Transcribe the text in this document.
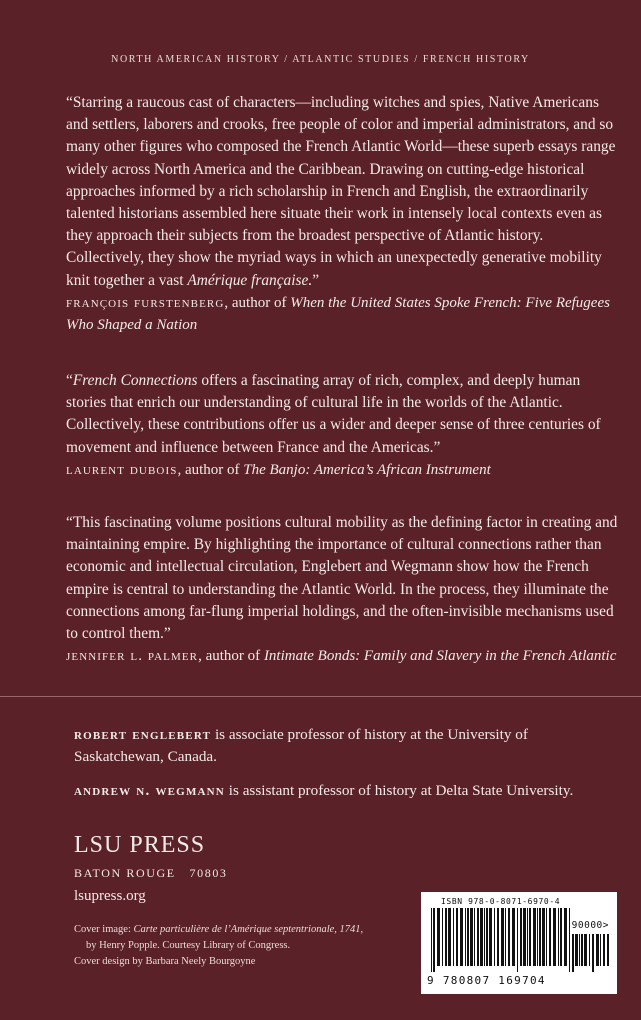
NORTH AMERICAN HISTORY / ATLANTIC STUDIES / FRENCH HISTORY

“Starring a raucous cast of characters—including witches and spies, Native Americans and settlers, laborers and crooks, free people of color and imperial administrators, and so many other figures who composed the French Atlantic World—these superb essays range widely across North America and the Caribbean. Drawing on cutting-edge historical approaches informed by a rich scholarship in French and English, the extraordinarily talented historians assembled here situate their work in intensely local contexts even as they approach their subjects from the broadest perspective of Atlantic history. Collectively, they show the myriad ways in which an unexpectedly generative mobility knit together a vast Amérique française.”

françois furstenberg, author of When the United States Spoke French: Five Refugees Who Shaped a Nation

“French Connections offers a fascinating array of rich, complex, and deeply human stories that enrich our understanding of cultural life in the worlds of the Atlantic. Collectively, these contributions offer us a wider and deeper sense of three centuries of movement and influence between France and the Americas.”

laurent dubois, author of The Banjo: America’s African Instrument

“This fascinating volume positions cultural mobility as the defining factor in creating and maintaining empire. By highlighting the importance of cultural connections rather than economic and intellectual circulation, Englebert and Wegmann show how the French empire is central to understanding the Atlantic World. In the process, they illuminate the connections among far-flung imperial holdings, and the often-invisible mechanisms used to control them.”

jennifer l. palmer, author of Intimate Bonds: Family and Slavery in the French Atlantic

robert englebert is associate professor of history at the University of Saskatchewan, Canada.
andrew n. wegmann is assistant professor of history at Delta State University.
LSU PRESS
BATON ROUGE 70803
lsupress.org
Cover image: Carte particulière de l’Amérique septentrionale, 1741,
by Henry Popple. Courtesy Library of Congress.
Cover design by Barbara Neely Bourgoyne
ISBN 978-0-8071-6970-4
90000>
9 780807 169704
